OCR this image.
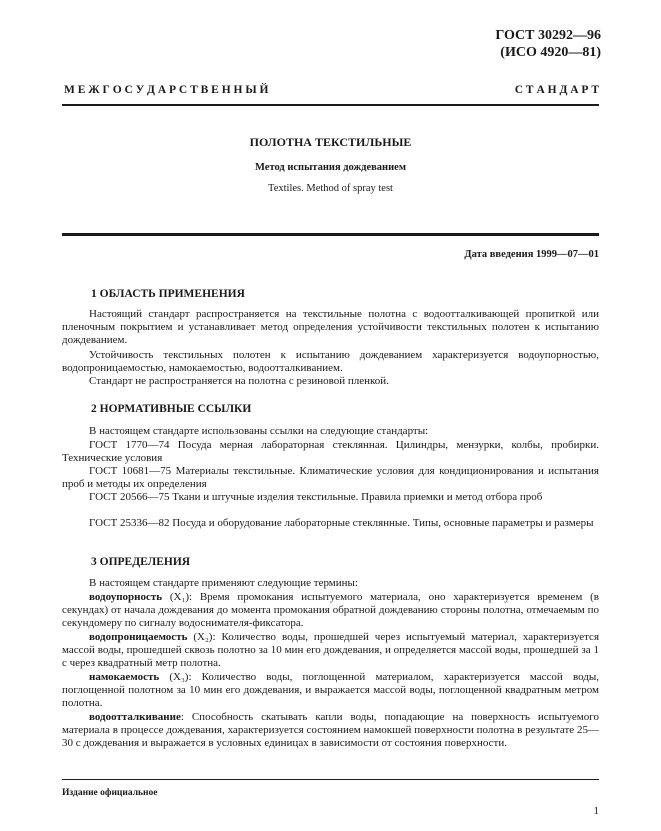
ГОСТ 30292—96
(ИСО 4920—81)
М Е Ж Г О С У Д А Р С Т В Е Н Н Ы Й	С Т А Н Д А Р Т
ПОЛОТНА ТЕКСТИЛЬНЫЕ
Метод испытания дождеванием
Textiles. Method of spray test
Дата введения 1999—07—01
1 ОБЛАСТЬ ПРИМЕНЕНИЯ
Настоящий стандарт распространяется на текстильные полотна с водоотталкивающей пропиткой или пленочным покрытием и устанавливает метод определения устойчивости текстильных полотен к испытанию дождеванием.
Устойчивость текстильных полотен к испытанию дождеванием характеризуется водоупорностью, водопроницаемостью, намокаемостью, водоотталкиванием.
Стандарт не распространяется на полотна с резиновой пленкой.
2 НОРМАТИВНЫЕ ССЫЛКИ
В настоящем стандарте использованы ссылки на следующие стандарты:
ГОСТ 1770—74 Посуда мерная лабораторная стеклянная. Цилиндры, мензурки, колбы, пробирки. Технические условия
ГОСТ 10681—75 Материалы текстильные. Климатические условия для кондиционирования и испытания проб и методы их определения
ГОСТ 20566—75 Ткани и штучные изделия текстильные. Правила приемки и метод отбора проб
ГОСТ 25336—82 Посуда и оборудование лабораторные стеклянные. Типы, основные параметры и размеры
3 ОПРЕДЕЛЕНИЯ
В настоящем стандарте применяют следующие термины:
водоупорность (X₁): Время промокания испытуемого материала, оно характеризуется временем (в секундах) от начала дождевания до момента промокания обратной дождеванию стороны полотна, отмечаемым по секундомеру по сигналу водоснимателя-фиксатора.
водопроницаемость (X₂): Количество воды, прошедшей через испытуемый материал, характеризуется массой воды, прошедшей сквозь полотно за 10 мин его дождевания, и определяется массой воды, прошедшей за 1 с через квадратный метр полотна.
намокаемость (X₃): Количество воды, поглощенной материалом, характеризуется массой воды, поглощенной полотном за 10 мин его дождевания, и выражается массой воды, поглощенной квадратным метром полотна.
водоотталкивание: Способность скатывать капли воды, попадающие на поверхность испытуемого материала в процессе дождевания, характеризуется состоянием намокшей поверхности полотна в результате 25—30 с дождевания и выражается в условных единицах в зависимости от состояния поверхности.
Издание официальное
1
